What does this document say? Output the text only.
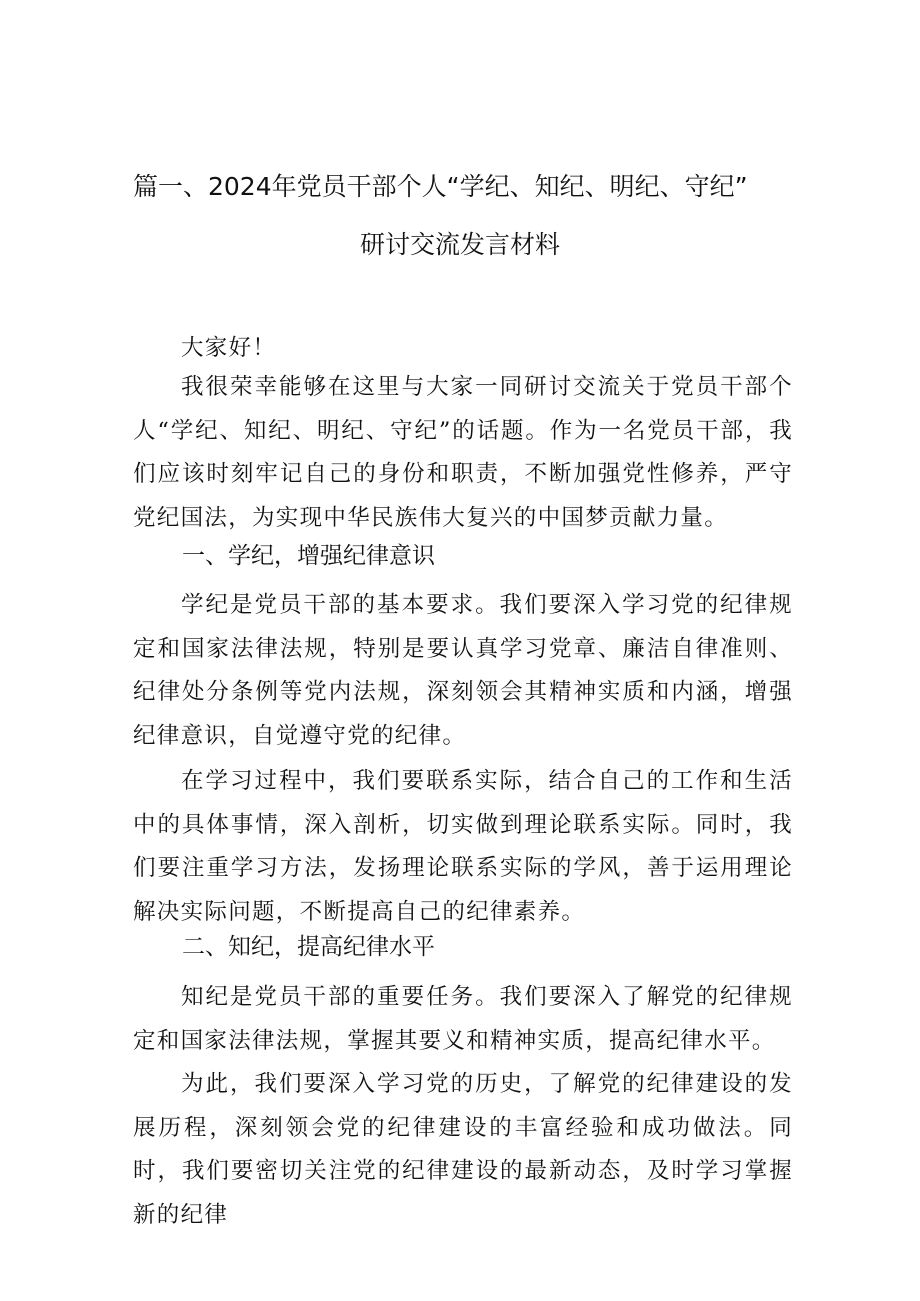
篇一、2024年党员干部个人“学纪、知纪、明纪、守纪”
研讨交流发言材料

大家好！

我很荣幸能够在这里与大家一同研讨交流关于党员干部个人“学纪、知纪、明纪、守纪”的话题。作为一名党员干部，我们应该时刻牢记自己的身份和职责，不断加强党性修养，严守党纪国法，为实现中华民族伟大复兴的中国梦贡献力量。

一、学纪，增强纪律意识

学纪是党员干部的基本要求。我们要深入学习党的纪律规定和国家法律法规，特别是要认真学习党章、廉洁自律准则、纪律处分条例等党内法规，深刻领会其精神实质和内涵，增强纪律意识，自觉遵守党的纪律。

在学习过程中，我们要联系实际，结合自己的工作和生活中的具体事情，深入剖析，切实做到理论联系实际。同时，我们要注重学习方法，发扬理论联系实际的学风，善于运用理论解决实际问题，不断提高自己的纪律素养。

二、知纪，提高纪律水平

知纪是党员干部的重要任务。我们要深入了解党的纪律规定和国家法律法规，掌握其要义和精神实质，提高纪律水平。

为此，我们要深入学习党的历史，了解党的纪律建设的发展历程，深刻领会党的纪律建设的丰富经验和成功做法。同时，我们要密切关注党的纪律建设的最新动态，及时学习掌握新的纪律
